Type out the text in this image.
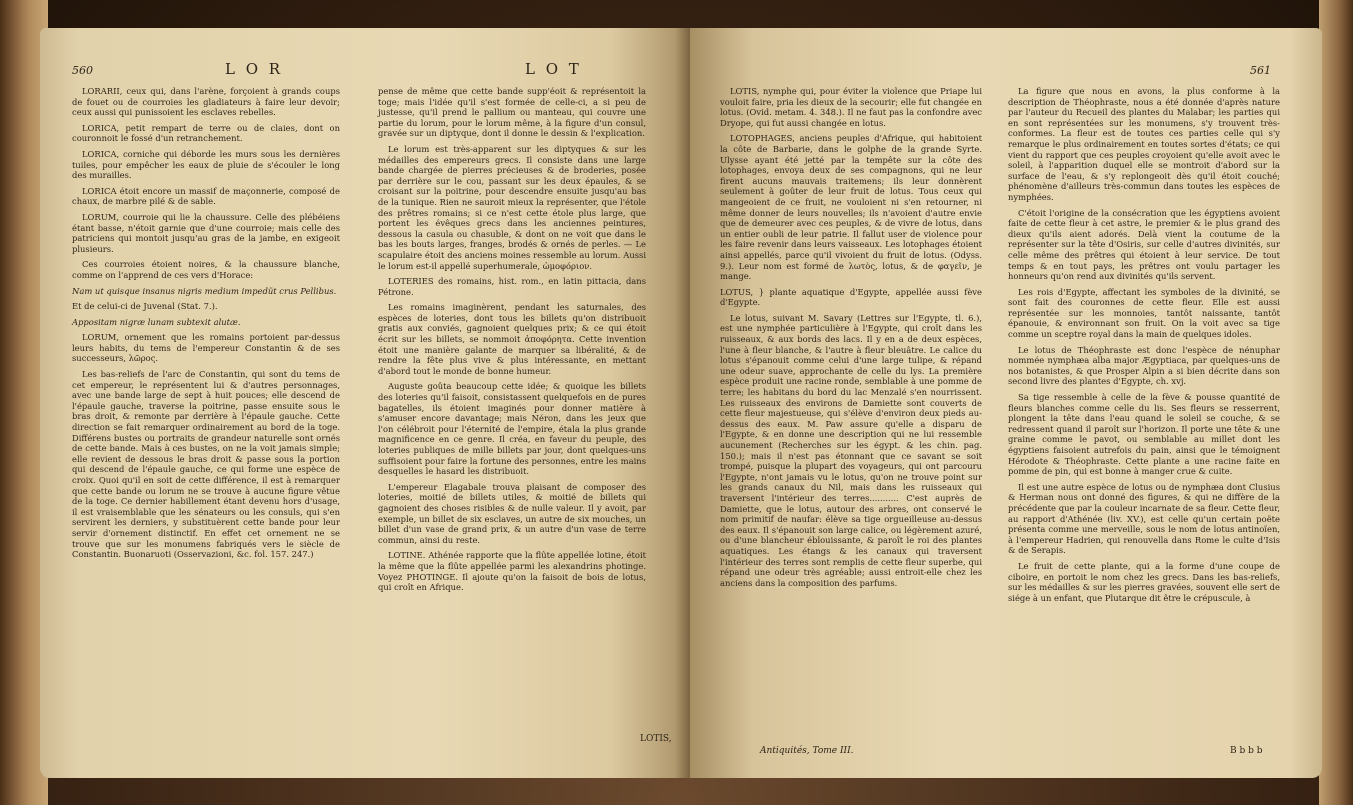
560	L O R	L O T

LORARII, ceux qui, dans l'arène, forçoient à grands coups de fouet ou de courroies les gladiateurs à faire leur devoir; ceux aussi qui punissoient les esclaves rebelles.

LORICA, petit rempart de terre ou de claies, dont on couronnoit le fossé d'un retranchement.

LORICA, corniche qui déborde les murs sous les dernières tuiles, pour empêcher les eaux de pluie de s'écouler le long des murailles.

LORICA étoit encore un massif de maçonnerie, composé de chaux, de marbre pilé & de sable.

LORUM, courroie qui lie la chaussure. Celle des plébéiens étant basse, n'étoit garnie que d'une courroie; mais celle des patriciens qui montoit jusqu'au gras de la jambe, en exigeoit plusieurs.

Ces courroies étoient noires, & la chaussure blanche, comme on l'apprend de ces vers d'Horace:

Nam ut quisque insanus nigris medium impedüt crus Pellibus.

Et de celui-ci de Juvenal (Stat. 7.).

Appositam nigræ lunam subtexit alutæ.

LORUM, ornement que les romains portoient par-dessus leurs habits, du tems de l'empereur Constantin & de ses successeurs, λῶρος.

Les bas-reliefs de l'arc de Constantin, qui sont du tems de cet empereur, le représentent lui & d'autres personnages, avec une bande large de sept à huit pouces; elle descend de l'épaule gauche, traverse la poitrine, passe ensuite sous le bras droit, & remonte par derrière à l'épaule gauche. Cette direction se fait remarquer ordinairement au bord de la toge. Différens bustes ou portraits de grandeur naturelle sont ornés de cette bande. Mais à ces bustes, on ne la voit jamais simple; elle revient de dessous le bras droit & passe sous la portion qui descend de l'épaule gauche, ce qui forme une espèce de croix. Quoi qu'il en soit de cette différence, il est à remarquer que cette bande ou lorum ne se trouve à aucune figure vêtue de la toge. Ce dernier habillement étant devenu hors d'usage, il est vraisemblable que les sénateurs ou les consuls, qui s'en servirent les derniers, y substituèrent cette bande pour leur servir d'ornement distinctif. En effet cet ornement ne se trouve que sur les monumens fabriqués vers le siècle de Constantin. Buonaruoti (Osservazioni, &c. fol. 157. 247.)

pense de même que cette bande supp'éoit & représentoit la toge; mais l'idée qu'il s'est formée de celle-ci, a si peu de justesse, qu'il prend le pallium ou manteau, qui couvre une partie du lorum, pour le lorum même, à la figure d'un consul, gravée sur un diptyque, dont il donne le dessin & l'explication.

Le lorum est très-apparent sur les diptyques & sur les médailles des empereurs grecs. Il consiste dans une large bande chargée de pierres précieuses & de broderies, posée par derrière sur le cou, passant sur les deux épaules, & se croisant sur la poitrine, pour descendre ensuite jusqu'au bas de la tunique. Rien ne sauroit mieux la représenter, que l'étole des prêtres romains; si ce n'est cette étole plus large, que portent les évêques grecs dans les anciennes peintures, dessous la casula ou chasuble, & dont on ne voit que dans le bas les bouts larges, franges, brodés & ornés de perles. — Le scapulaire étoit des anciens moines ressemble au lorum. Aussi le lorum est-il appellé superhumerale, ὠμοφόριον.

LOTERIES des romains, hist. rom., en latin pittacia, dans Pétrone.

Les romains imaginèrent, pendant les saturnales, des espèces de loteries, dont tous les billets qu'on distribuoit gratis aux conviés, gagnoient quelques prix; & ce qui étoit écrit sur les billets, se nommoit ἀποφόρητα. Cette invention étoit une manière galante de marquer sa libéralité, & de rendre la fête plus vive & plus intéressante, en mettant d'abord tout le monde de bonne humeur.

Auguste goûta beaucoup cette idée; & quoique les billets des loteries qu'il faisoit, consistassent quelquefois en de pures bagatelles, ils étoient imaginés pour donner matière à s'amuser encore davantage; mais Néron, dans les jeux que l'on célébroit pour l'éternité de l'empire, étala la plus grande magnificence en ce genre. Il créa, en faveur du peuple, des loteries publiques de mille billets par jour, dont quelques-uns suffisoient pour faire la fortune des personnes, entre les mains desquelles le hasard les distribuoit.

L'empereur Elagabale trouva plaisant de composer des loteries, moitié de billets utiles, & moitié de billets qui gagnoient des choses risibles & de nulle valeur. Il y avoit, par exemple, un billet de six esclaves, un autre de six mouches, un billet d'un vase de grand prix, & un autre d'un vase de terre commun, ainsi du reste.

LOTINE. Athénée rapporte que la flûte appellée lotine, étoit la même que la flûte appellée parmi les alexandrins photinge. Voyez PHOTINGE. Il ajoute qu'on la faisoit de bois de lotus, qui croît en Afrique.

LOTIS,
561

LOTIS, nymphe qui, pour éviter la violence que Priape lui vouloit faire, pria les dieux de la secourir; elle fut changée en lotus. (Ovid. metam. 4. 348.). Il ne faut pas la confondre avec Dryope, qui fut aussi changée en lotus.

LOTOPHAGES, anciens peuples d'Afrique, qui habitoient la côte de Barbarie, dans le golphe de la grande Syrte. Ulysse ayant été jetté par la tempête sur la côte des lotophages, envoya deux de ses compagnons, qui ne leur firent aucuns mauvais traitemens; ils leur donnèrent seulement à goûter de leur fruit de lotus. Tous ceux qui mangeoient de ce fruit, ne vouloient ni s'en retourner, ni même donner de leurs nouvelles; ils n'avoient d'autre envie que de demeurer avec ces peuples, & de vivre de lotus, dans un entier oubli de leur patrie. Il fallut user de violence pour les faire revenir dans leurs vaisseaux. Les lotophages étoient ainsi appellés, parce qu'il vivoient du fruit de lotus. (Odyss. 9.). Leur nom est formé de λωτὸς, lotus, & de φαγεῖν, je mange.

LOTUS, } plante aquatique d'Egypte, appellée aussi fève d'Egypte.

Le lotus, suivant M. Savary (Lettres sur l'Egypte, tl. 6.), est une nymphée particulière à l'Egypte, qui croît dans les ruisseaux, & aux bords des lacs. Il y en a de deux espèces, l'une à fleur blanche, & l'autre à fleur bleuâtre. Le calice du lotus s'épanouit comme celui d'une large tulipe, & répand une odeur suave, approchante de celle du lys. La première espèce produit une racine ronde, semblable à une pomme de terre; les habitans du bord du lac Menzalé s'en nourrissent. Les ruisseaux des environs de Damiette sont couverts de cette fleur majestueuse, qui s'élève d'environ deux pieds au-dessus des eaux. M. Paw assure qu'elle a disparu de l'Egypte, & en donne une description qui ne lui ressemble aucunement (Recherches sur les égypt. & les chin. pag. 150.); mais il n'est pas étonnant que ce savant se soit trompé, puisque la plupart des voyageurs, qui ont parcouru l'Egypte, n'ont jamais vu le lotus, qu'on ne trouve point sur les grands canaux du Nil, mais dans les ruisseaux qui traversent l'intérieur des terres........... C'est auprès de Damiette, que le lotus, autour des arbres, ont conservé le nom primitif de naufar: élève sa tige orgueilleuse au-dessus des eaux. Il s'épanouit son large calice, ou légèrement azuré, ou d'une blancheur éblouissante, & paroît le roi des plantes aquatiques. Les étangs & les canaux qui traversent l'intérieur des terres sont remplis de cette fleur superbe, qui répand une odeur très agréable; aussi entroit-elle chez les anciens dans la composition des parfums.

La figure que nous en avons, la plus conforme à la description de Théophraste, nous a été donnée d'après nature par l'auteur du Recueil des plantes du Malabar; les parties qui en sont représentées sur les monumens, s'y trouvent très-conformes. La fleur est de toutes ces parties celle qui s'y remarque le plus ordinairement en toutes sortes d'états; ce qui vient du rapport que ces peuples croyoient qu'elle avoit avec le soleil, à l'apparition duquel elle se montroit d'abord sur la surface de l'eau, & s'y replongeoit dès qu'il étoit couché; phénomène d'ailleurs très-commun dans toutes les espèces de nymphées.

C'étoit l'origine de la consécration que les égyptiens avoient faite de cette fleur à cet astre, le premier & le plus grand des dieux qu'ils aient adorés. Delà vient la coutume de la représenter sur la tête d'Osiris, sur celle d'autres divinités, sur celle même des prêtres qui étoient à leur service. De tout temps & en tout pays, les prêtres ont voulu partager les honneurs qu'on rend aux divinités qu'ils servent.

Les rois d'Egypte, affectant les symboles de la divinité, se sont fait des couronnes de cette fleur. Elle est aussi représentée sur les monnoies, tantôt naissante, tantôt épanouie, & environnant son fruit. On la voit avec sa tige comme un sceptre royal dans la main de quelques idoles.

Le lotus de Théophraste est donc l'espèce de nénuphar nommée nymphæa alba major Ægyptiaca, par quelques-uns de nos botanistes, & que Prosper Alpin a si bien décrite dans son second livre des plantes d'Egypte, ch. xvj.

Sa tige ressemble à celle de la fève & pousse quantité de fleurs blanches comme celle du lis. Ses fleurs se resserrent, plongent la tête dans l'eau quand le soleil se couche, & se redressent quand il paroît sur l'horizon. Il porte une tête & une graine comme le pavot, ou semblable au millet dont les égyptiens faisoient autrefois du pain, ainsi que le témoignent Hérodote & Théophraste. Cette plante a une racine faite en pomme de pin, qui est bonne à manger crue & cuite.

Il est une autre espèce de lotus ou de nymphæa dont Clusius & Herman nous ont donné des figures, & qui ne diffère de la précédente que par la couleur incarnate de sa fleur. Cette fleur, au rapport d'Athénée (liv. XV.), est celle qu'un certain poëte présenta comme une merveille, sous le nom de lotus antinoïen, à l'empereur Hadrien, qui renouvella dans Rome le culte d'Isis & de Serapis.

Le fruit de cette plante, qui a la forme d'une coupe de ciboire, en portoit le nom chez les grecs. Dans les bas-reliefs, sur les médailles & sur les pierres gravées, souvent elle sert de siége à un enfant, que Plutarque dit être le crépuscule, à

Antiquités, Tome III.	B b b b
